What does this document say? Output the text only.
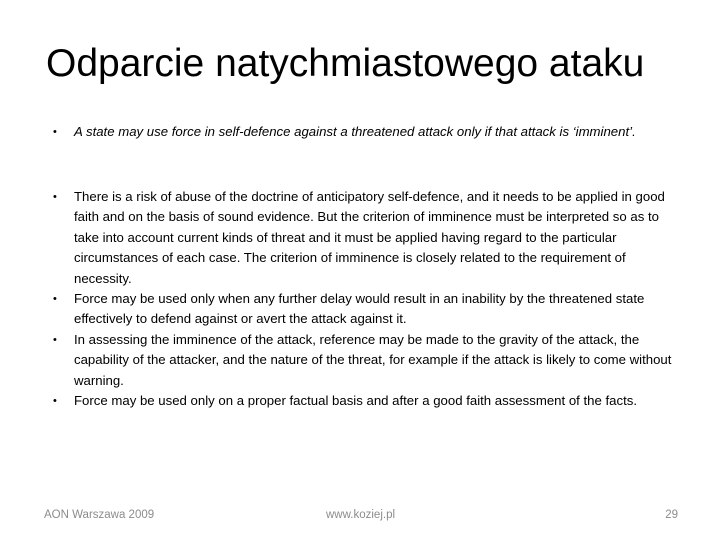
Odparcie natychmiastowego ataku
• A state may use force in self-defence against a threatened attack only if that attack is ‘imminent’.
• There is a risk of abuse of the doctrine of anticipatory self-defence, and it needs to be applied in good faith and on the basis of sound evidence. But the criterion of imminence must be interpreted so as to take into account current kinds of threat and it must be applied having regard to the particular circumstances of each case. The criterion of imminence is closely related to the requirement of necessity.
• Force may be used only when any further delay would result in an inability by the threatened state effectively to defend against or avert the attack against it.
• In assessing the imminence of the attack, reference may be made to the gravity of the attack, the capability of the attacker, and the nature of the threat, for example if the attack is likely to come without warning.
• Force may be used only on a proper factual basis and after a good faith assessment of the facts.
AON Warszawa 2009	www.koziej.pl	29
